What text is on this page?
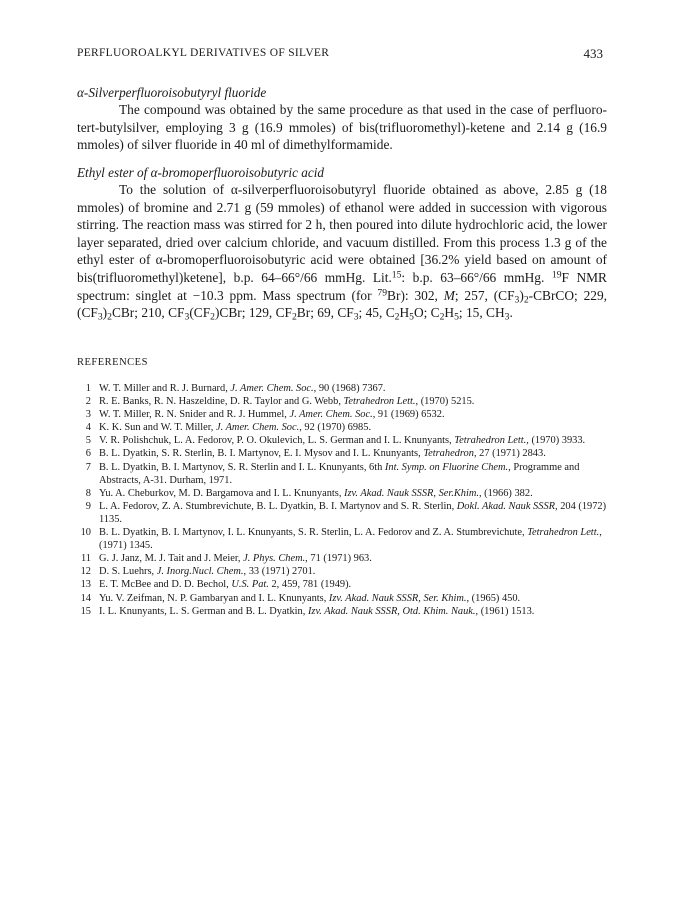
PERFLUOROALKYL DERIVATIVES OF SILVER	433
α-Silverperfluoroisobutyryl fluoride

The compound was obtained by the same procedure as that used in the case of perfluoro-tert-butylsilver, employing 3 g (16.9 mmoles) of bis(trifluoromethyl)-ketene and 2.14 g (16.9 mmoles) of silver fluoride in 40 ml of dimethylformamide.

Ethyl ester of α-bromoperfluoroisobutyric acid

To the solution of α-silverperfluoroisobutyryl fluoride obtained as above, 2.85 g (18 mmoles) of bromine and 2.71 g (59 mmoles) of ethanol were added in succession with vigorous stirring. The reaction mass was stirred for 2 h, then poured into dilute hydrochloric acid, the lower layer separated, dried over calcium chloride, and vacuum distilled. From this process 1.3 g of the ethyl ester of α-bromoperfluoroisobutyric acid were obtained [36.2% yield based on amount of bis(trifluoromethyl)ketene], b.p. 64–66°/66 mmHg. Lit.$^{15}$: b.p. 63–66°/66 mmHg. $^{19}$F NMR spectrum: singlet at −10.3 ppm. Mass spectrum (for $^{79}$Br): 302, M; 257, $(CF_3)_2$-CBrCO; 229, $(CF_3)_2CBr$; 210, $CF_3(CF_2)CBr$; 129, $CF_2Br$; 69, $CF_3$; 45, $C_2H_5O$; $C_2H_5$; 15, $CH_3$.

REFERENCES
1 W. T. Miller and R. J. Burnard, J. Amer. Chem. Soc., 90 (1968) 7367.
2 R. E. Banks, R. N. Haszeldine, D. R. Taylor and G. Webb, Tetrahedron Lett., (1970) 5215.
3 W. T. Miller, R. N. Snider and R. J. Hummel, J. Amer. Chem. Soc., 91 (1969) 6532.
4 K. K. Sun and W. T. Miller, J. Amer. Chem. Soc., 92 (1970) 6985.
5 V. R. Polishchuk, L. A. Fedorov, P. O. Okulevich, L. S. German and I. L. Knunyants, Tetrahedron Lett., (1970) 3933.
6 B. L. Dyatkin, S. R. Sterlin, B. I. Martynov, E. I. Mysov and I. L. Knunyants, Tetrahedron, 27 (1971) 2843.
7 B. L. Dyatkin, B. I. Martynov, S. R. Sterlin and I. L. Knunyants, 6th Int. Symp. on Fluorine Chem., Programme and Abstracts, A-31. Durham, 1971.
8 Yu. A. Cheburkov, M. D. Bargamova and I. L. Knunyants, Izv. Akad. Nauk SSSR, Ser.Khim., (1966) 382.
9 L. A. Fedorov, Z. A. Stumbrevichute, B. L. Dyatkin, B. I. Martynov and S. R. Sterlin, Dokl. Akad. Nauk SSSR, 204 (1972) 1135.
10 B. L. Dyatkin, B. I. Martynov, I. L. Knunyants, S. R. Sterlin, L. A. Fedorov and Z. A. Stumbrevichute, Tetrahedron Lett., (1971) 1345.
11 G. J. Janz, M. J. Tait and J. Meier, J. Phys. Chem., 71 (1971) 963.
12 D. S. Luehrs, J. Inorg.Nucl. Chem., 33 (1971) 2701.
13 E. T. McBee and D. D. Bechol, U.S. Pat. 2, 459, 781 (1949).
14 Yu. V. Zeifman, N. P. Gambaryan and I. L. Knunyants, Izv. Akad. Nauk SSSR, Ser. Khim., (1965) 450.
15 I. L. Knunyants, L. S. German and B. L. Dyatkin, Izv. Akad. Nauk SSSR, Otd. Khim. Nauk., (1961) 1513.
